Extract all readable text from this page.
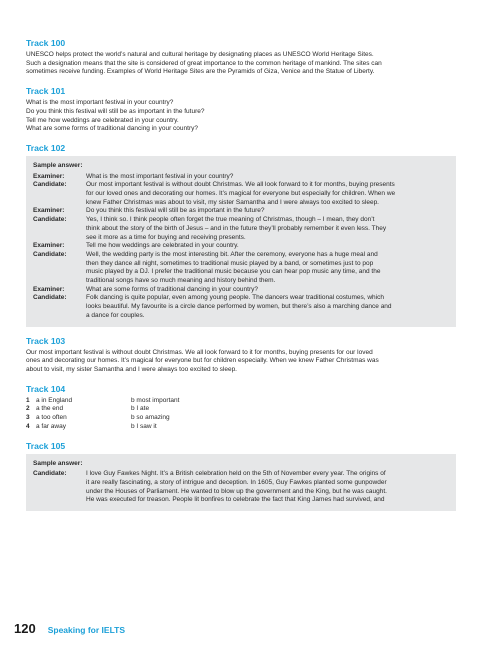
Track 100
UNESCO helps protect the world’s natural and cultural heritage by designating places as UNESCO World Heritage Sites.
Such a designation means that the site is considered of great importance to the common heritage of mankind. The sites can
sometimes receive funding. Examples of World Heritage Sites are the Pyramids of Giza, Venice and the Statue of Liberty.
Track 101
What is the most important festival in your country?
Do you think this festival will still be as important in the future?
Tell me how weddings are celebrated in your country.
What are some forms of traditional dancing in your country?
Track 102
Sample answer:
Examiner:	What is the most important festival in your country?
Candidate:	Our most important festival is without doubt Christmas. We all look forward to it for months, buying presents
for our loved ones and decorating our homes. It’s magical for everyone but especially for children. When we
knew Father Christmas was about to visit, my sister Samantha and I were always too excited to sleep.
Examiner:	Do you think this festival will still be as important in the future?
Candidate:	Yes, I think so. I think people often forget the true meaning of Christmas, though – I mean, they don’t
think about the story of the birth of Jesus – and in the future they’ll probably remember it even less. They
see it more as a time for buying and receiving presents.
Examiner:	Tell me how weddings are celebrated in your country.
Candidate:	Well, the wedding party is the most interesting bit. After the ceremony, everyone has a huge meal and
then they dance all night, sometimes to traditional music played by a band, or sometimes just to pop
music played by a DJ. I prefer the traditional music because you can hear pop music any time, and the
traditional songs have so much meaning and history behind them.
Examiner:	What are some forms of traditional dancing in your country?
Candidate:	Folk dancing is quite popular, even among young people. The dancers wear traditional costumes, which
looks beautiful. My favourite is a circle dance performed by women, but there’s also a marching dance and
a dance for couples.
Track 103
Our most important festival is without doubt Christmas. We all look forward to it for months, buying presents for our loved
ones and decorating our homes. It’s magical for everyone but for children especially. When we knew Father Christmas was
about to visit, my sister Samantha and I were always too excited to sleep.
Track 104
1 a in England	b most important
2 a the end	b I ate
3 a too often	b so amazing
4 a far away	b I saw it
Track 105
Sample answer:
Candidate:	I love Guy Fawkes Night. It’s a British celebration held on the 5th of November every year. The origins of
it are really fascinating, a story of intrigue and deception. In 1605, Guy Fawkes planted some gunpowder
under the Houses of Parliament. He wanted to blow up the government and the King, but he was caught.
He was executed for treason. People lit bonfires to celebrate the fact that King James had survived, and
120 Speaking for IELTS
